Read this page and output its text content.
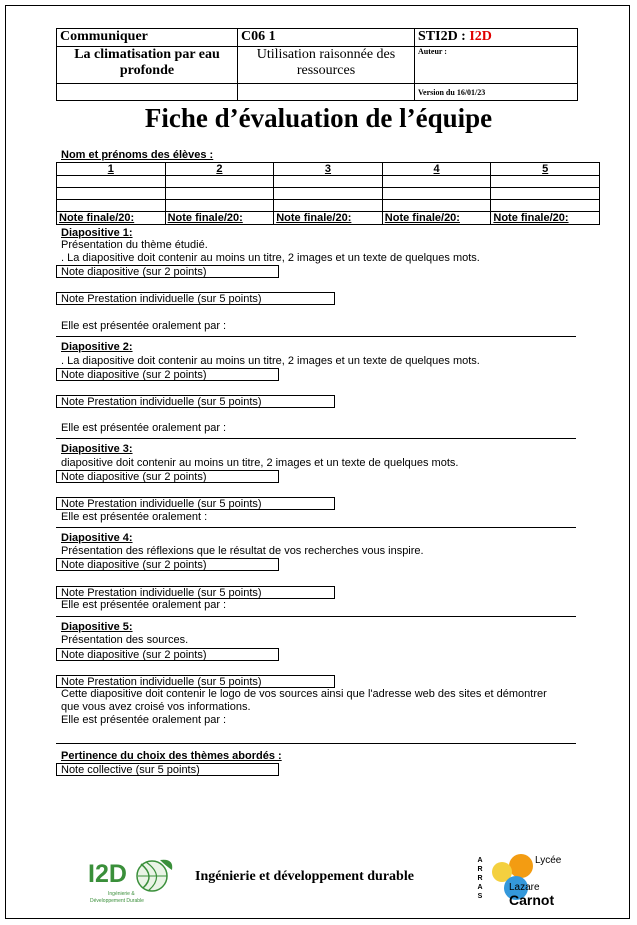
Communiquer	C06 1	STI2D : I2D
La climatisation par eau profonde	Utilisation raisonnée des ressources	Auteur :
		Version du 16/01/23
Fiche d’évaluation de l’équipe
Nom et prénoms des élèves :
1	2	3	4	5

Note finale/20:	Note finale/20:	Note finale/20:	Note finale/20:	Note finale/20:
Diapositive 1:
Présentation du thème étudié.
. La diapositive doit contenir au moins un titre, 2 images et un texte de quelques mots.
Note diapositive (sur 2 points)
Note Prestation individuelle (sur 5 points)
Elle est présentée oralement par :
Diapositive 2:
. La diapositive doit contenir au moins un titre, 2 images et un texte de quelques mots.
Note diapositive (sur 2 points)
Note Prestation individuelle (sur 5 points)
Elle est présentée oralement par :
Diapositive 3:
diapositive doit contenir au moins un titre, 2 images et un texte de quelques mots.
Note diapositive (sur 2 points)
Note Prestation individuelle (sur 5 points)
Elle est présentée oralement :
Diapositive 4:
Présentation des réflexions que le résultat de vos recherches vous inspire.
Note diapositive (sur 2 points)
Note Prestation individuelle (sur 5 points)
Elle est présentée oralement par :
Diapositive 5:
Présentation des sources.
Note diapositive (sur 2 points)
Note Prestation individuelle (sur 5 points)
Cette diapositive doit contenir le logo de vos sources ainsi que l'adresse web des sites et démontrer
que vous avez croisé vos informations.
Elle est présentée oralement par :
Pertinence du choix des thèmes abordés :
Note collective (sur 5 points)
I2D
Ingénierie &
Développement Durable
Ingénierie et développement durable
ARRAS
Lycée
Lazare
Carnot
